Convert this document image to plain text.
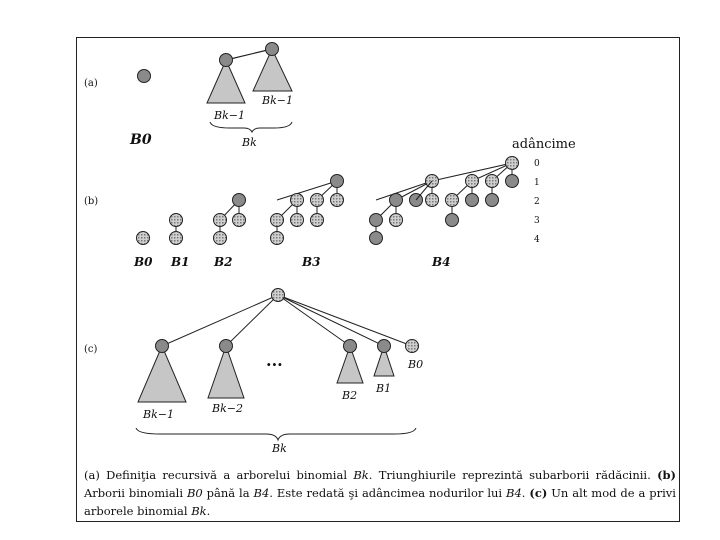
(a)
(b)
(c)
B0
Bk−1
Bk−1
Bk
B0 B1 B2	B3	B4
adâncime
0
1
2
3
4
···
Bk−1	Bk−2
B2
B1
B0
Bk
(a) Definiţia recursivă a arborelui binomial Bk. Triunghiurile reprezintă subarborii rădăcinii. (b) Arborii binomiali B0 până la B4. Este redată şi adâncimea nodurilor lui B4. (c) Un alt mod de a privi arborele binomial Bk.
